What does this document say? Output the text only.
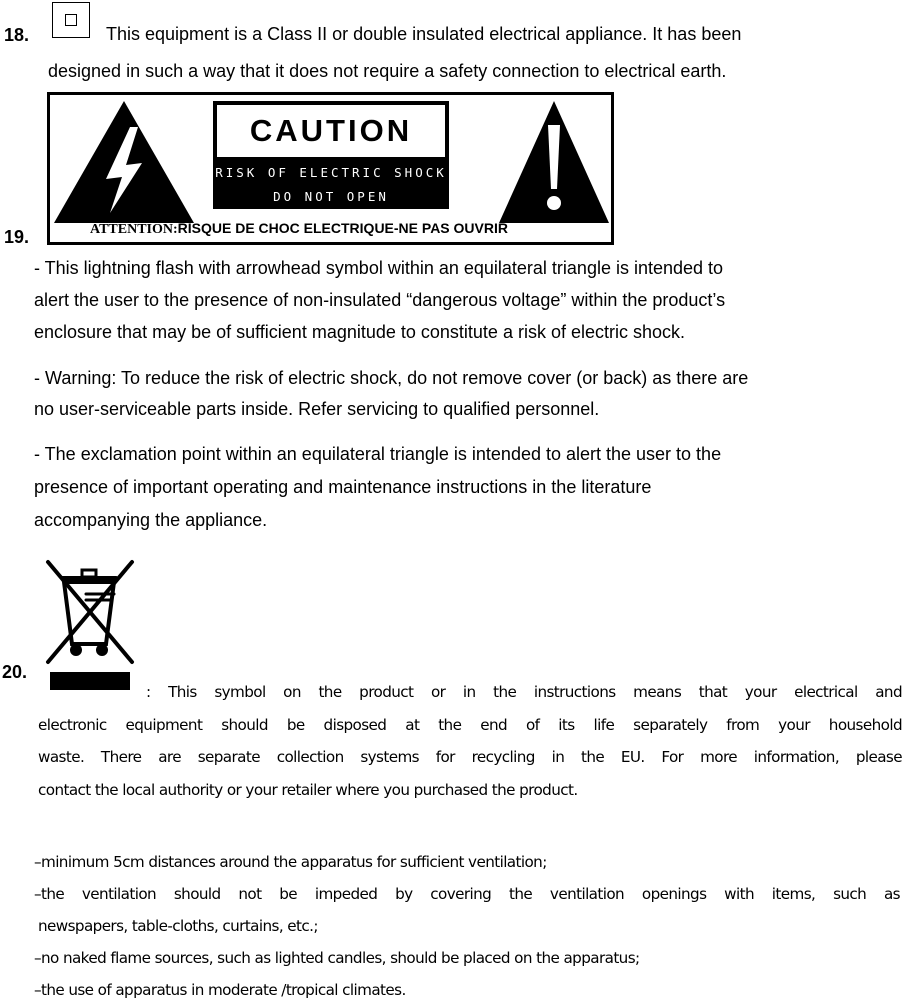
18.	This equipment is a Class II or double insulated electrical appliance. It has been
designed in such a way that it does not require a safety connection to electrical earth.
19.
CAUTION
RISK OF ELECTRIC SHOCK
DO NOT OPEN
ATTENTION:RISQUE DE CHOC ELECTRIQUE-NE PAS OUVRIR
- This lightning flash with arrowhead symbol within an equilateral triangle is intended to
alert the user to the presence of non-insulated “dangerous voltage” within the product’s
enclosure that may be of sufficient magnitude to constitute a risk of electric shock.
- Warning: To reduce the risk of electric shock, do not remove cover (or back) as there are
no user-serviceable parts inside. Refer servicing to qualified personnel.
- The exclamation point within an equilateral triangle is intended to alert the user to the
presence of important operating and maintenance instructions in the literature
accompanying the appliance.
20.
: This symbol on the product or in the instructions means that your electrical and
electronic equipment should be disposed at the end of its life separately from your household
waste. There are separate collection systems for recycling in the EU. For more information, please
contact the local authority or your retailer where you purchased the product.
–minimum 5cm distances around the apparatus for sufficient ventilation;
–the ventilation should not be impeded by covering the ventilation openings with items, such as
newspapers, table-cloths, curtains, etc.;
–no naked flame sources, such as lighted candles, should be placed on the apparatus;
–the use of apparatus in moderate /tropical climates.
